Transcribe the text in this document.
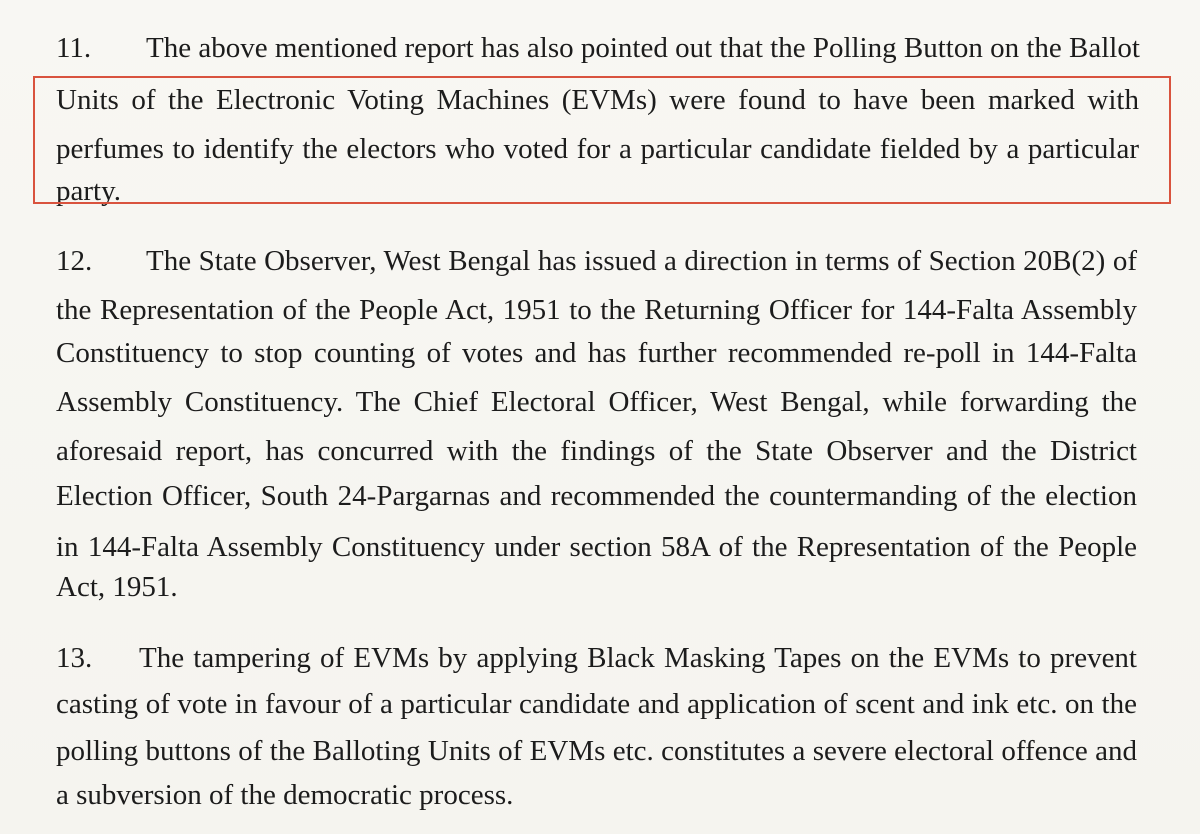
11. The above mentioned report has also pointed out that the Polling Button on the Ballot
Units of the Electronic Voting Machines (EVMs) were found to have been marked with
perfumes to identify the electors who voted for a particular candidate fielded by a particular
party.
12. The State Observer, West Bengal has issued a direction in terms of Section 20B(2) of
the Representation of the People Act, 1951 to the Returning Officer for 144-Falta Assembly
Constituency to stop counting of votes and has further recommended re-poll in 144-Falta
Assembly Constituency. The Chief Electoral Officer, West Bengal, while forwarding the
aforesaid report, has concurred with the findings of the State Observer and the District
Election Officer, South 24-Pargarnas and recommended the countermanding of the election
in 144-Falta Assembly Constituency under section 58A of the Representation of the People
Act, 1951.
13. The tampering of EVMs by applying Black Masking Tapes on the EVMs to prevent
casting of vote in favour of a particular candidate and application of scent and ink etc. on the
polling buttons of the Balloting Units of EVMs etc. constitutes a severe electoral offence and
a subversion of the democratic process.
